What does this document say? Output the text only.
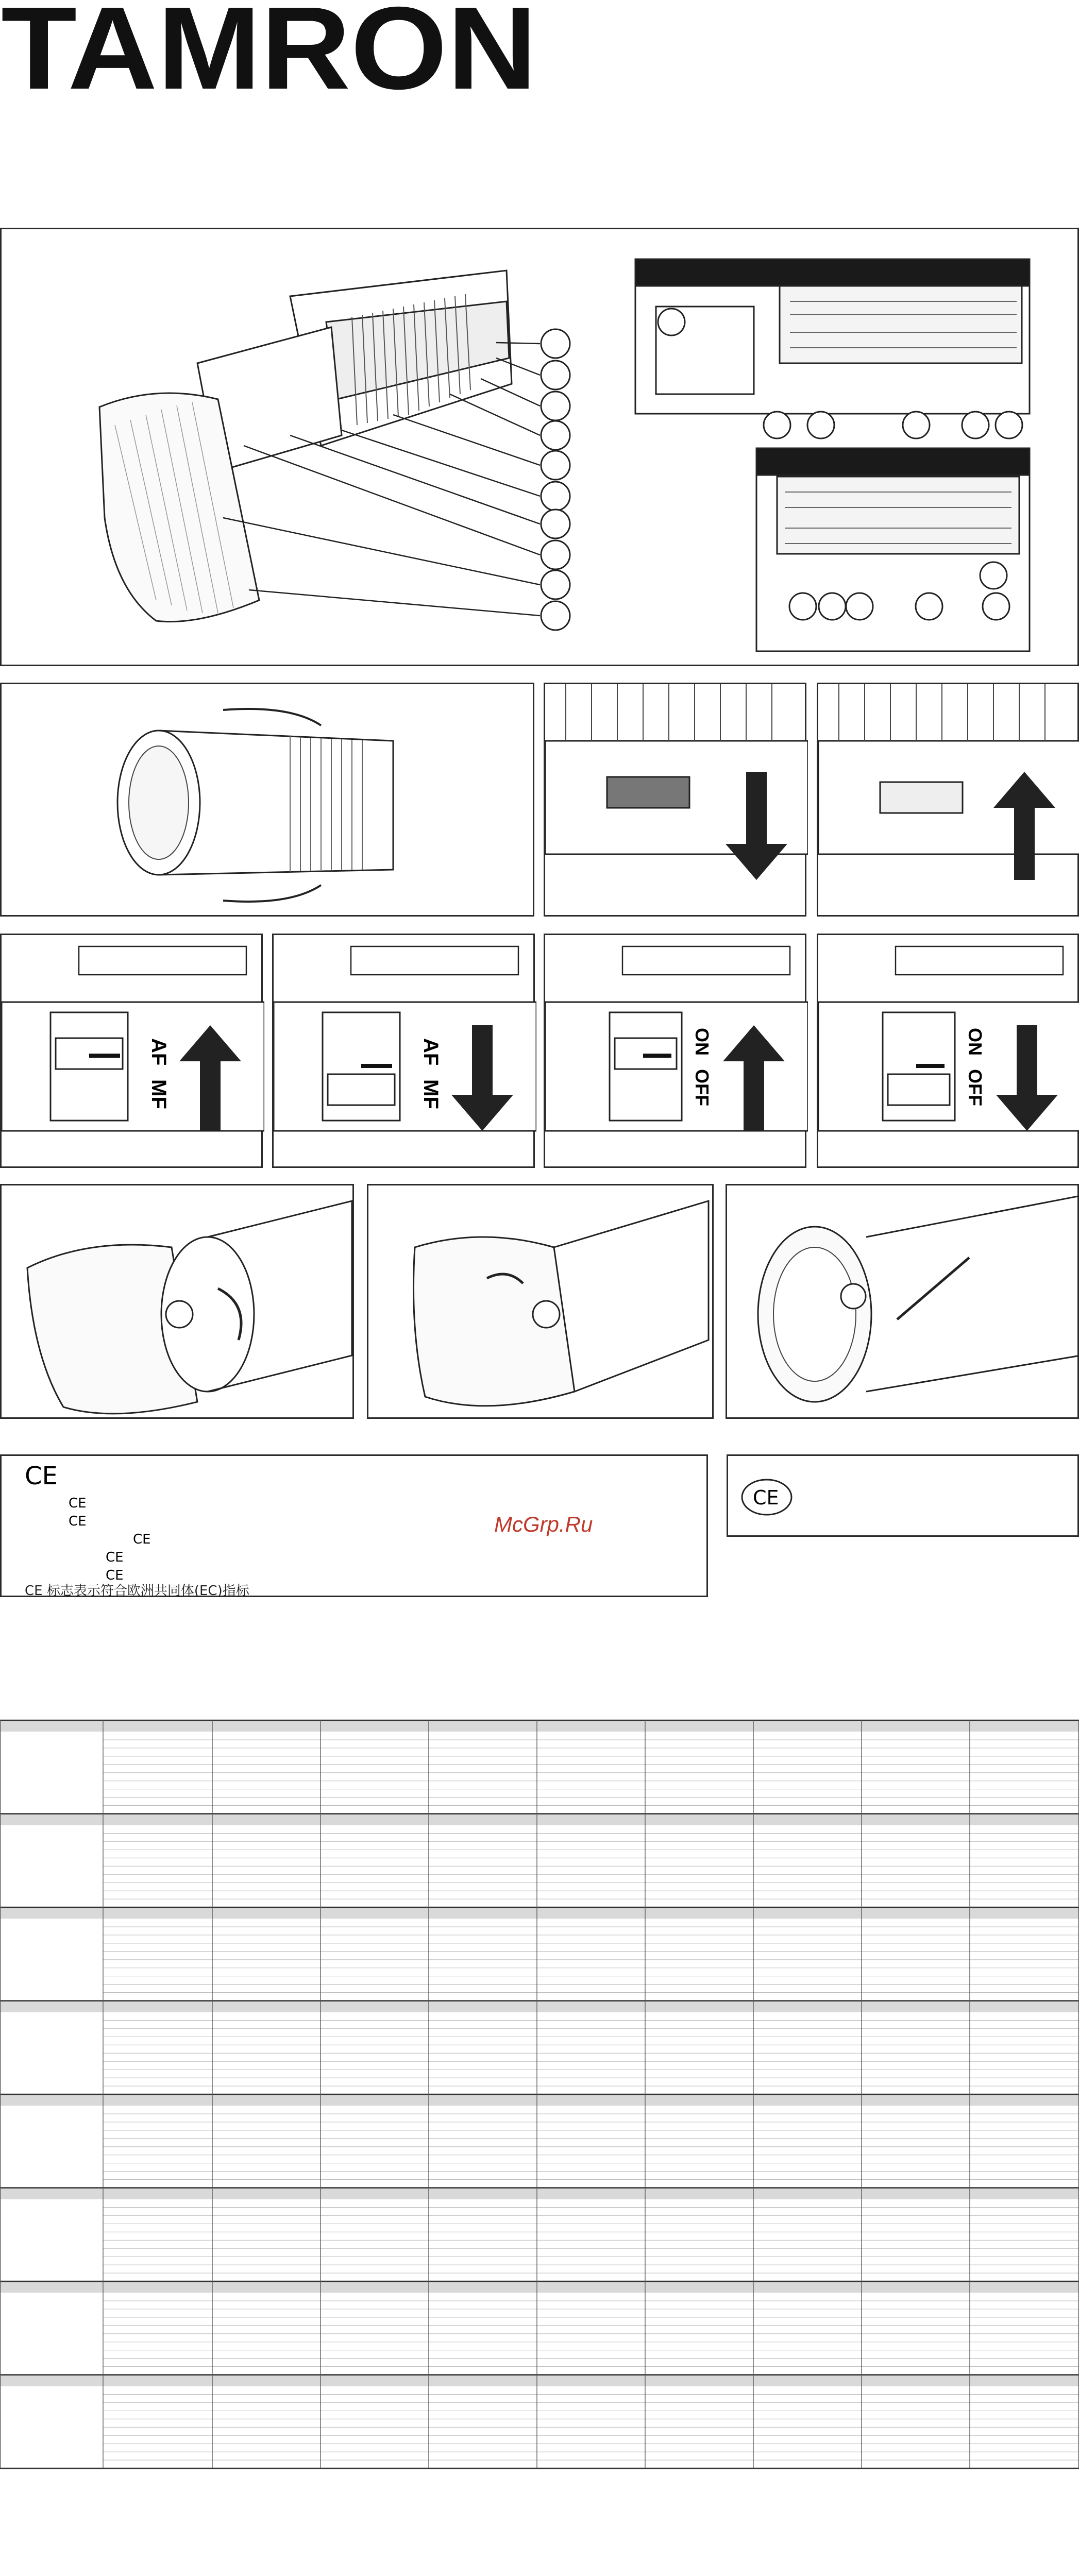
TAMRON
AF
MF
AF
MF
ON
OFF
ON
OFF
CE
CE
CE
CE
CE
CE
CE 标志表示符合欧洲共同体(EC)指标
McGrp.Ru
CE
